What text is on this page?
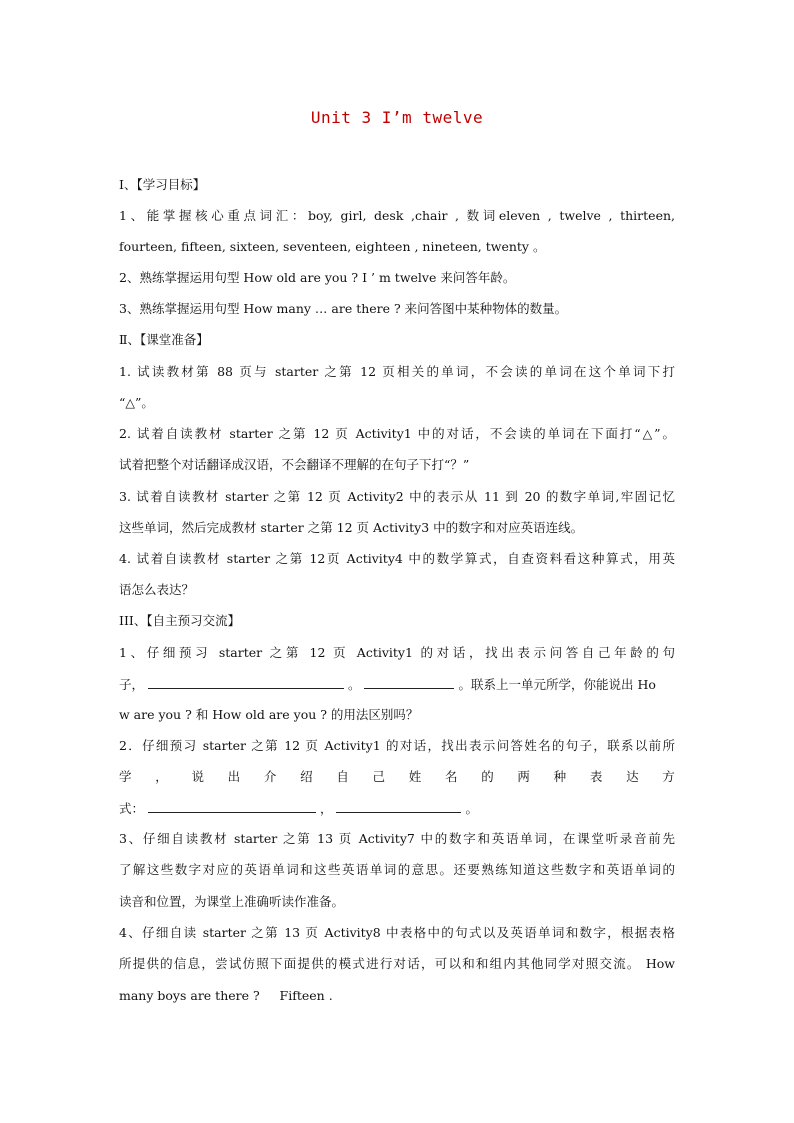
Unit 3 I’m twelve
Ⅰ、【学习目标】
1、能掌握核心重点词汇：boy, girl, desk ,chair , 数词eleven , twelve , thirteen,
fourteen, fifteen, sixteen, seventeen, eighteen , nineteen, twenty 。
2、熟练掌握运用句型 How old are you ? I ’ m twelve 来问答年龄。
3、熟练掌握运用句型 How many … are there ? 来问答图中某种物体的数量。
Ⅱ、【课堂准备】
1. 试读教材第 88 页与 starter 之第 12 页相关的单词，不会读的单词在这个单词下打
“△”。
2. 试着自读教材 starter 之第 12 页 Activity1 中的对话，不会读的单词在下面打“△”。
试着把整个对话翻译成汉语，不会翻译不理解的在句子下打“？”
3. 试着自读教材 starter 之第 12 页 Activity2 中的表示从 11 到 20 的数字单词,牢固记忆
这些单词，然后完成教材 starter 之第 12 页 Activity3 中的数字和对应英语连线。
4. 试着自读教材 starter 之第 12页 Activity4 中的数学算式，自查资料看这种算式，用英
语怎么表达？
III、【自主预习交流】
1、仔细预习 starter 之第 12 页 Activity1 的对话，找出表示问答自己年龄的句
子，	。	。联系上一单元所学，你能说出 Ho
w are you ? 和 How old are you ? 的用法区别吗？
2．仔细预习 starter 之第 12 页 Activity1 的对话，找出表示问答姓名的句子，联系以前所
学 ， 说 出 介 绍 自 己 姓 名 的 两 种 表 达 方
式：	，	。
3、仔细自读教材 starter 之第 13 页 Activity7 中的数字和英语单词，在课堂听录音前先
了解这些数字对应的英语单词和这些英语单词的意思。还要熟练知道这些数字和英语单词的
读音和位置，为课堂上准确听读作准备。
4、仔细自读 starter 之第 13 页 Activity8 中表格中的句式以及英语单词和数字，根据表格
所提供的信息，尝试仿照下面提供的模式进行对话，可以和和组内其他同学对照交流。 How
many boys are there ?     Fifteen .
